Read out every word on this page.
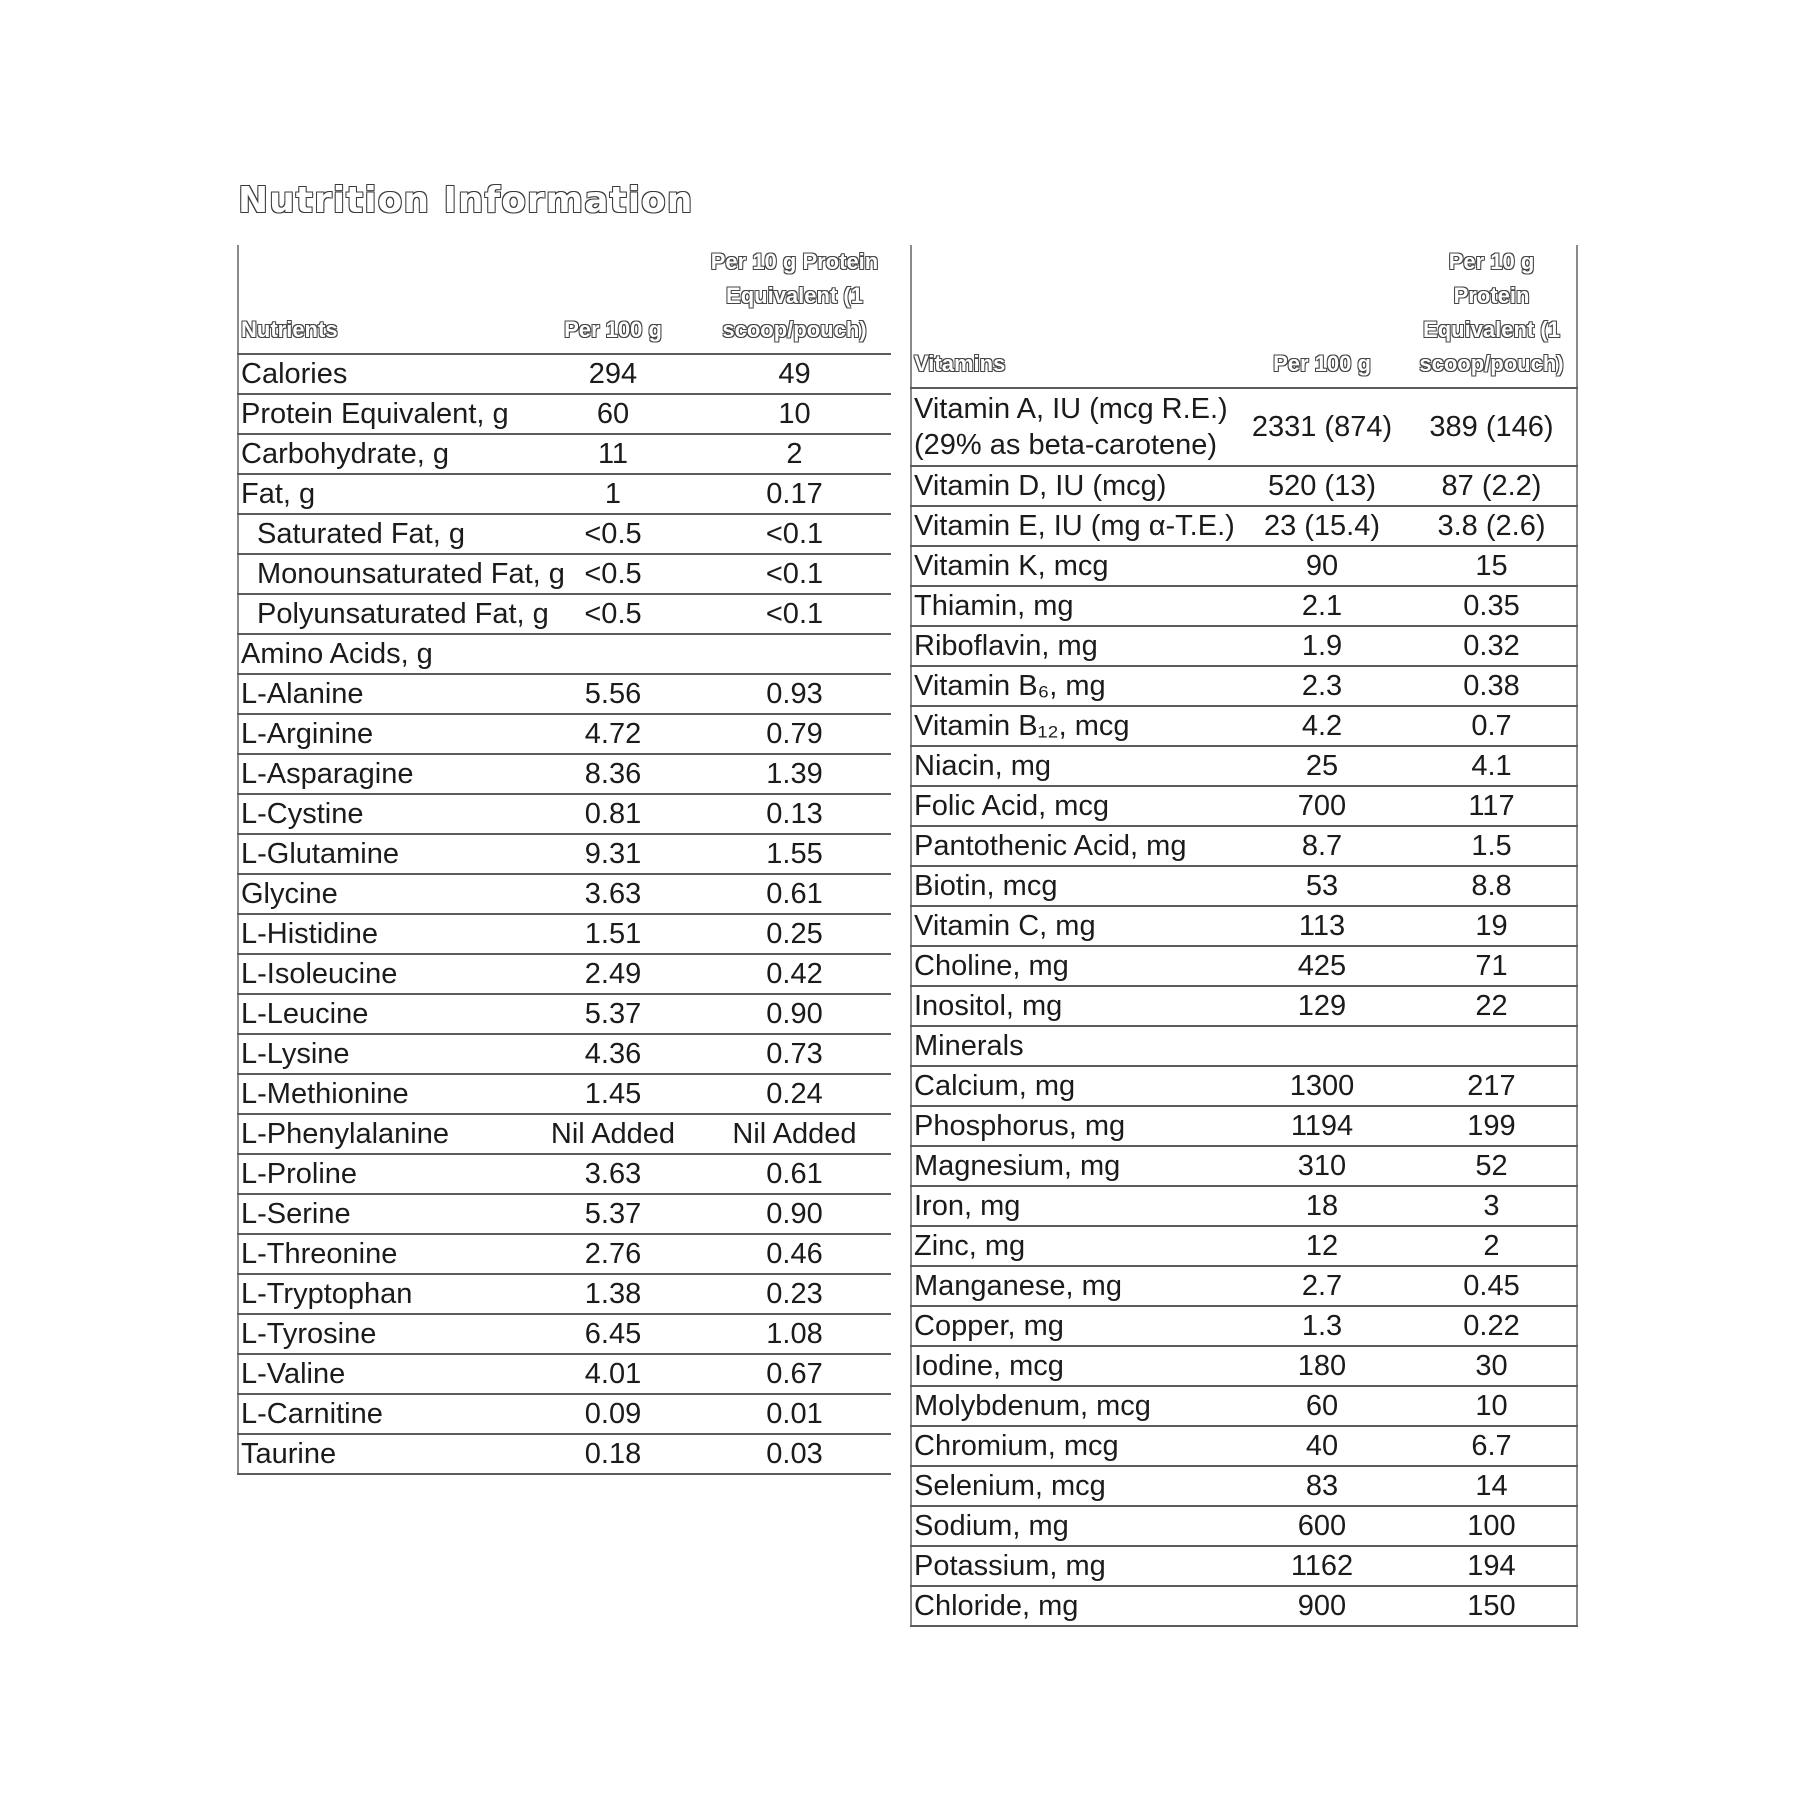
Nutrition Information
Nutrients	Per 100 g	Per 10 g Protein Equivalent (1 scoop/pouch)
Calories	294	49
Protein Equivalent, g	60	10
Carbohydrate, g	11	2
Fat, g	1	0.17
Saturated Fat, g	<0.5	<0.1
Monounsaturated Fat, g	<0.5	<0.1
Polyunsaturated Fat, g	<0.5	<0.1
Amino Acids, g		
L-Alanine	5.56	0.93
L-Arginine	4.72	0.79
L-Asparagine	8.36	1.39
L-Cystine	0.81	0.13
L-Glutamine	9.31	1.55
Glycine	3.63	0.61
L-Histidine	1.51	0.25
L-Isoleucine	2.49	0.42
L-Leucine	5.37	0.90
L-Lysine	4.36	0.73
L-Methionine	1.45	0.24
L-Phenylalanine	Nil Added	Nil Added
L-Proline	3.63	0.61
L-Serine	5.37	0.90
L-Threonine	2.76	0.46
L-Tryptophan	1.38	0.23
L-Tyrosine	6.45	1.08
L-Valine	4.01	0.67
L-Carnitine	0.09	0.01
Taurine	0.18	0.03
Vitamins	Per 100 g	Per 10 g Protein Equivalent (1 scoop/pouch)
Vitamin A, IU (mcg R.E.) (29% as beta-carotene)	2331 (874)	389 (146)
Vitamin D, IU (mcg)	520 (13)	87 (2.2)
Vitamin E, IU (mg α-T.E.)	23 (15.4)	3.8 (2.6)
Vitamin K, mcg	90	15
Thiamin, mg	2.1	0.35
Riboflavin, mg	1.9	0.32
Vitamin B₆, mg	2.3	0.38
Vitamin B₁₂, mcg	4.2	0.7
Niacin, mg	25	4.1
Folic Acid, mcg	700	117
Pantothenic Acid, mg	8.7	1.5
Biotin, mcg	53	8.8
Vitamin C, mg	113	19
Choline, mg	425	71
Inositol, mg	129	22
Minerals		
Calcium, mg	1300	217
Phosphorus, mg	1194	199
Magnesium, mg	310	52
Iron, mg	18	3
Zinc, mg	12	2
Manganese, mg	2.7	0.45
Copper, mg	1.3	0.22
Iodine, mcg	180	30
Molybdenum, mcg	60	10
Chromium, mcg	40	6.7
Selenium, mcg	83	14
Sodium, mg	600	100
Potassium, mg	1162	194
Chloride, mg	900	150
